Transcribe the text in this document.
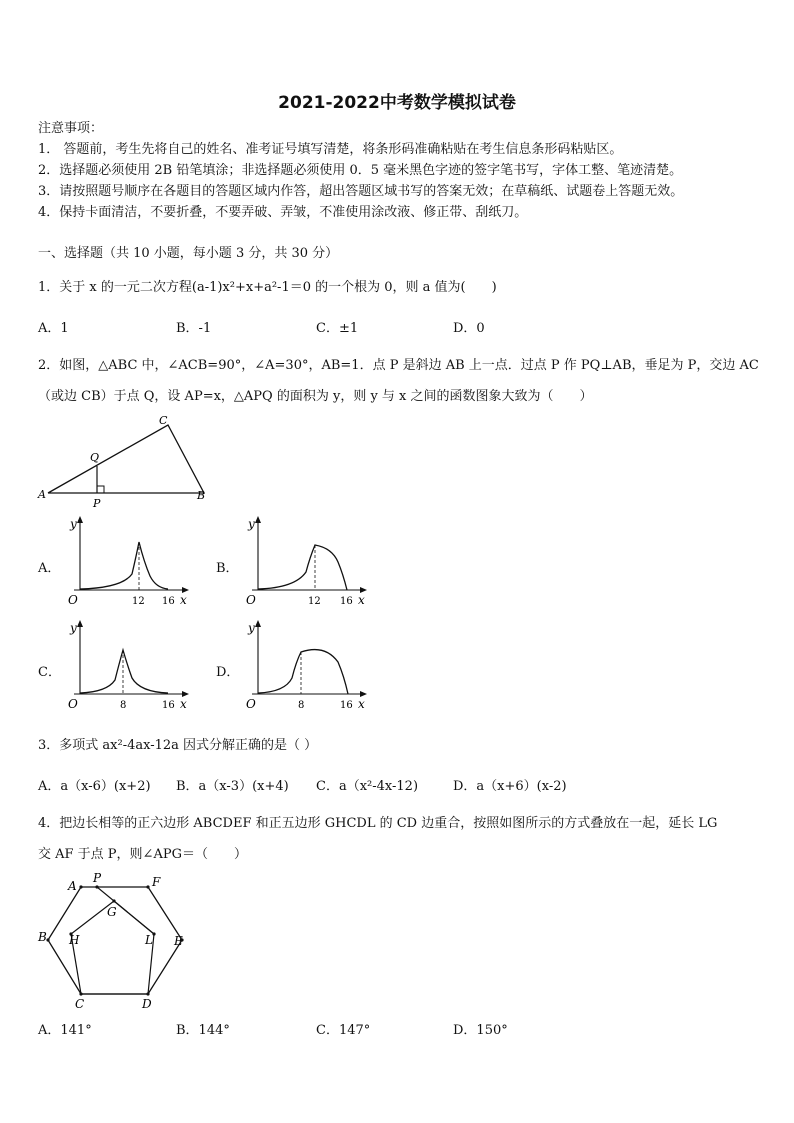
2021-2022中考数学模拟试卷
注意事项：
1． 答题前，考生先将自己的姓名、准考证号填写清楚，将条形码准确粘贴在考生信息条形码粘贴区。
2．选择题必须使用 2B 铅笔填涂；非选择题必须使用 0．5 毫米黑色字迹的签字笔书写，字体工整、笔迹清楚。
3．请按照题号顺序在各题目的答题区域内作答，超出答题区域书写的答案无效；在草稿纸、试题卷上答题无效。
4．保持卡面清洁，不要折叠，不要弄破、弄皱，不准使用涂改液、修正带、刮纸刀。
一、选择题（共 10 小题，每小题 3 分，共 30 分）
1．关于 x 的一元二次方程(a-1)x²+x+a²-1＝0 的一个根为 0，则 a 值为(　　)
A．1	B．-1	C．±1	D．0
2．如图，△ABC 中，∠ACB=90°，∠A=30°，AB=1．点 P 是斜边 AB 上一点．过点 P 作 PQ⊥AB，垂足为 P，交边 AC
（或边 CB）于点 Q，设 AP=x，△APQ 的面积为 y，则 y 与 x 之间的函数图象大致为（　　）
A	B
C
P
Q
A．
y
x
O	12 16
B．
y
x
O	12 16
C．
y
x
O	8	16
D．
y
x
O	8	16
3．多项式 ax²-4ax-12a 因式分解正确的是（ ）
A．a（x-6）(x+2) B．a（x-3）(x+4) C．a（x²-4x-12)	D．a（x+6）(x-2)
4．把边长相等的正六边形 ABCDEF 和正五边形 GHCDL 的 CD 边重合，按照如图所示的方式叠放在一起，延长 LG
交 AF 于点 P，则∠APG＝（　　）
A
P	F
G
B H	L E
C	D
A．141°	B．144°	C．147°	D．150°
